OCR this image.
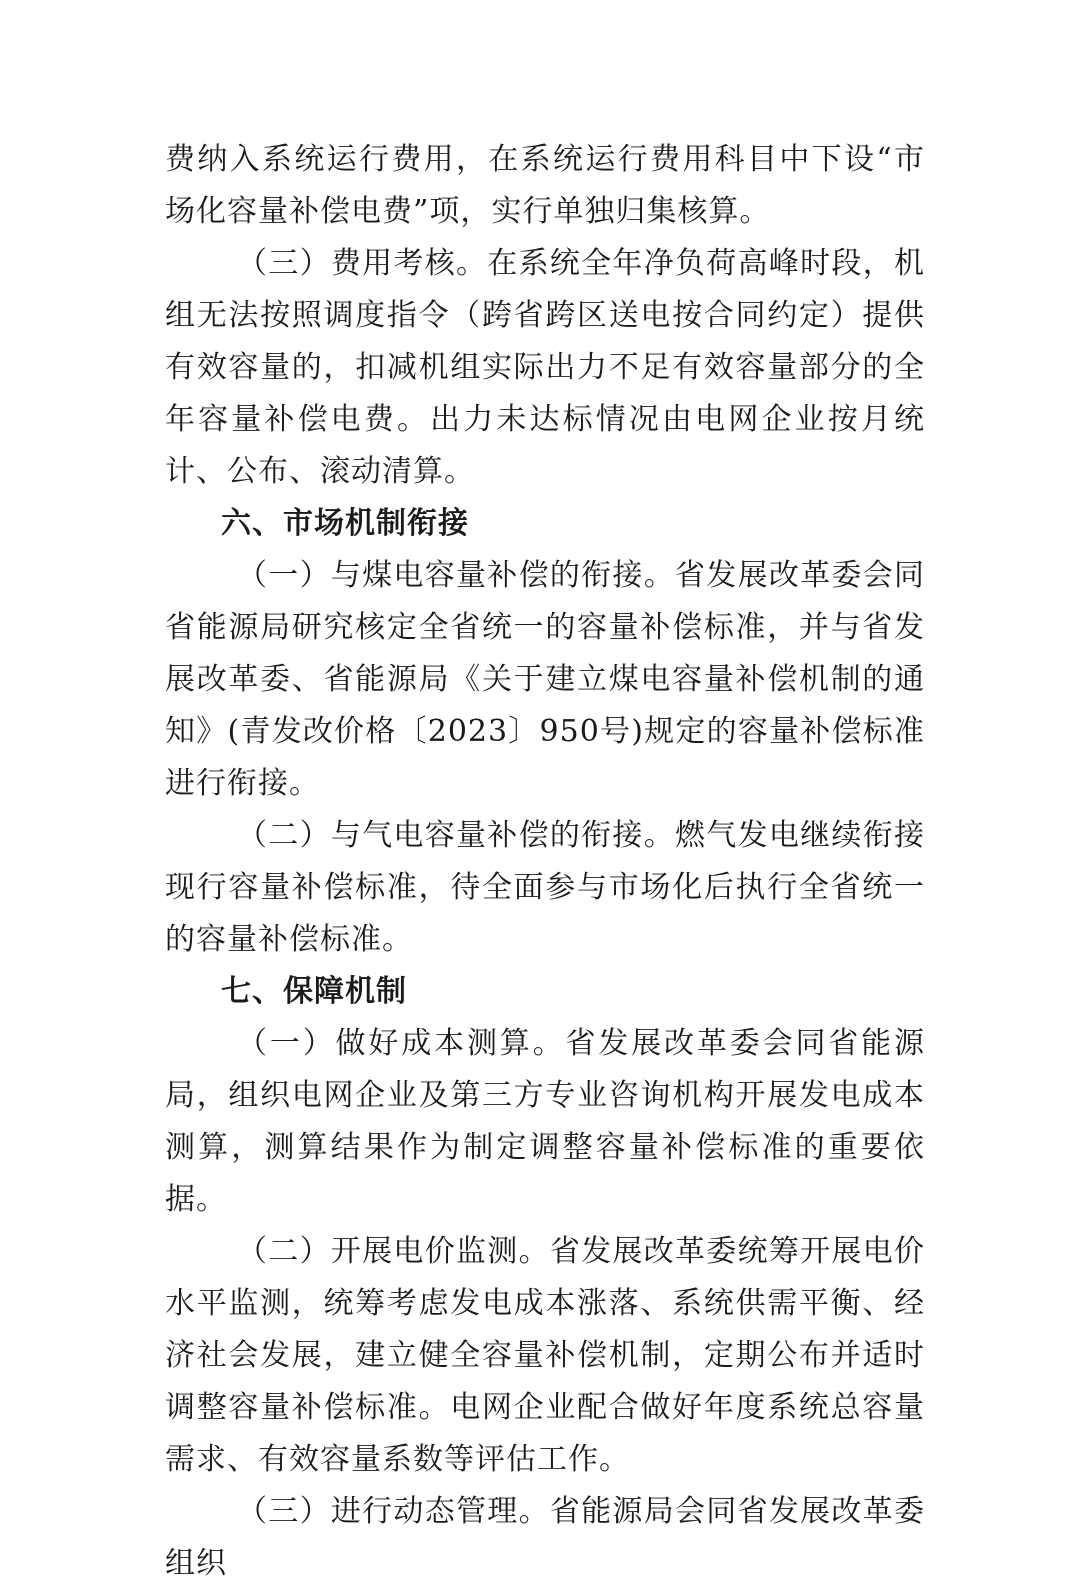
费纳入系统运行费用，在系统运行费用科目中下设“市场化容量补偿电费”项，实行单独归集核算。

（三）费用考核。在系统全年净负荷高峰时段，机组无法按照调度指令（跨省跨区送电按合同约定）提供有效容量的，扣减机组实际出力不足有效容量部分的全年容量补偿电费。出力未达标情况由电网企业按月统计、公布、滚动清算。

六、市场机制衔接

（一）与煤电容量补偿的衔接。省发展改革委会同省能源局研究核定全省统一的容量补偿标准，并与省发展改革委、省能源局《关于建立煤电容量补偿机制的通知》(青发改价格〔2023〕950号)规定的容量补偿标准进行衔接。

（二）与气电容量补偿的衔接。燃气发电继续衔接现行容量补偿标准，待全面参与市场化后执行全省统一的容量补偿标准。

七、保障机制

（一）做好成本测算。省发展改革委会同省能源局，组织电网企业及第三方专业咨询机构开展发电成本测算，测算结果作为制定调整容量补偿标准的重要依据。

（二）开展电价监测。省发展改革委统筹开展电价水平监测，统筹考虑发电成本涨落、系统供需平衡、经济社会发展，建立健全容量补偿机制，定期公布并适时调整容量补偿标准。电网企业配合做好年度系统总容量需求、有效容量系数等评估工作。

（三）进行动态管理。省能源局会同省发展改革委组织
